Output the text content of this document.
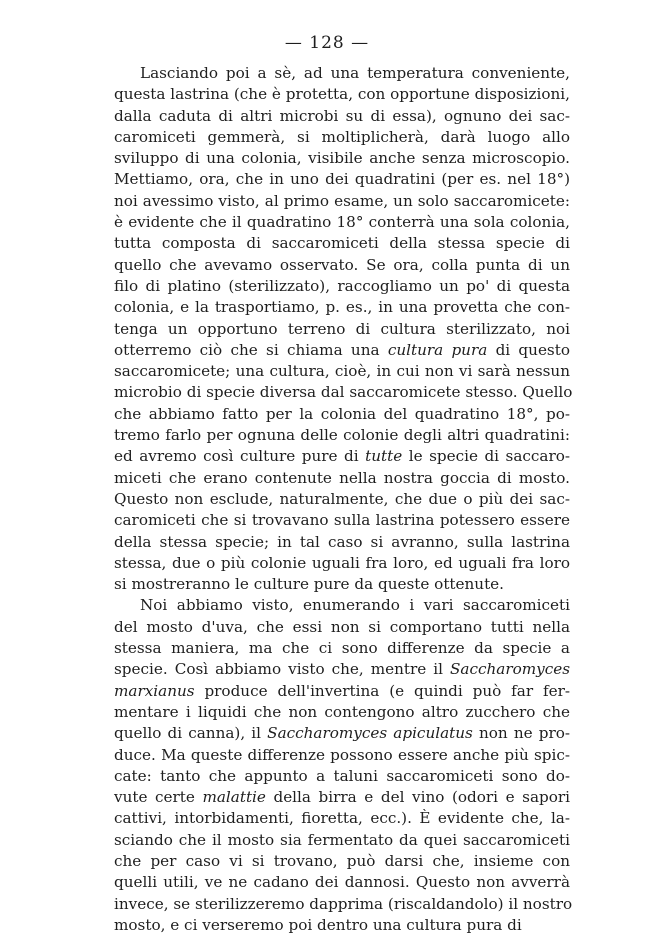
— 128 —
Lasciando poi a sè, ad una temperatura conveniente,
questa lastrina (che è protetta, con opportune disposizioni,
dalla caduta di altri microbi su di essa), ognuno dei sac-
caromiceti gemmerà, si moltiplicherà, darà luogo allo
sviluppo di una colonia, visibile anche senza microscopio.
Mettiamo, ora, che in uno dei quadratini (per es. nel 18°)
noi avessimo visto, al primo esame, un solo saccaromicete:
è evidente che il quadratino 18° conterrà una sola colonia,
tutta composta di saccaromiceti della stessa specie di
quello che avevamo osservato. Se ora, colla punta di un
filo di platino (sterilizzato), raccogliamo un po' di questa
colonia, e la trasportiamo, p. es., in una provetta che con-
tenga un opportuno terreno di cultura sterilizzato, noi
otterremo ciò che si chiama una cultura pura di questo
saccaromicete; una cultura, cioè, in cui non vi sarà nessun
microbio di specie diversa dal saccaromicete stesso. Quello
che abbiamo fatto per la colonia del quadratino 18°, po-
tremo farlo per ognuna delle colonie degli altri quadratini:
ed avremo così culture pure di tutte le specie di saccaro-
miceti che erano contenute nella nostra goccia di mosto.
Questo non esclude, naturalmente, che due o più dei sac-
caromiceti che si trovavano sulla lastrina potessero essere
della stessa specie; in tal caso si avranno, sulla lastrina
stessa, due o più colonie uguali fra loro, ed uguali fra loro
si mostreranno le culture pure da queste ottenute.
Noi abbiamo visto, enumerando i vari saccaromiceti
del mosto d'uva, che essi non si comportano tutti nella
stessa maniera, ma che ci sono differenze da specie a
specie. Così abbiamo visto che, mentre il Saccharomyces
marxianus produce dell'invertina (e quindi può far fer-
mentare i liquidi che non contengono altro zucchero che
quello di canna), il Saccharomyces apiculatus non ne pro-
duce. Ma queste differenze possono essere anche più spic-
cate: tanto che appunto a taluni saccaromiceti sono do-
vute certe malattie della birra e del vino (odori e sapori
cattivi, intorbidamenti, fioretta, ecc.). È evidente che, la-
sciando che il mosto sia fermentato da quei saccaromiceti
che per caso vi si trovano, può darsi che, insieme con
quelli utili, ve ne cadano dei dannosi. Questo non avverrà
invece, se sterilizzeremo dapprima (riscaldandolo) il nostro
mosto, e ci verseremo poi dentro una cultura pura di
